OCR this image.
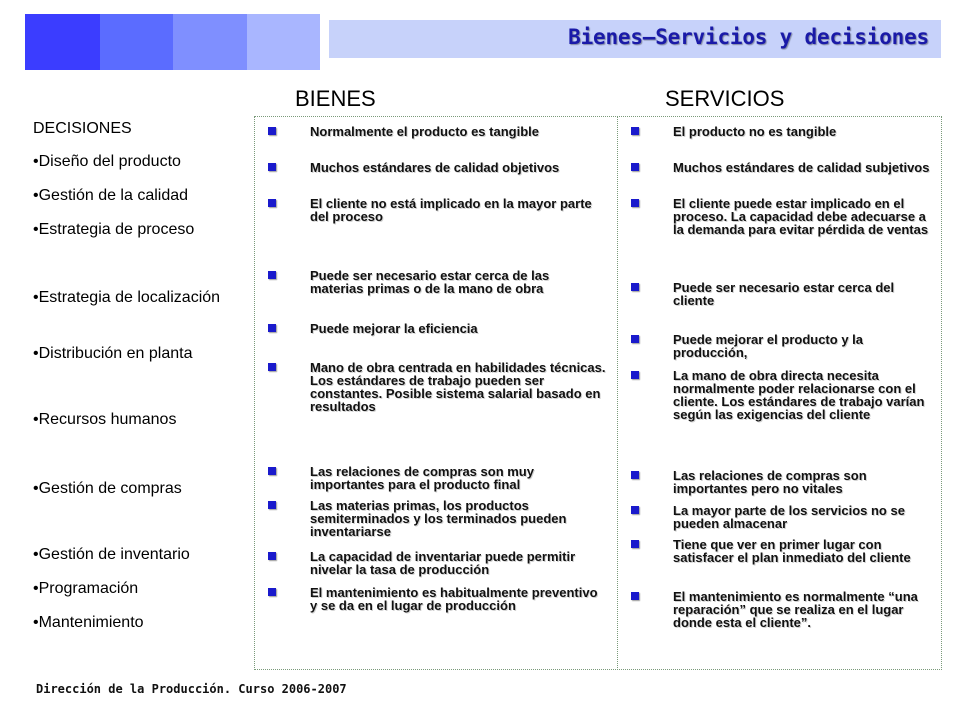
Bienes–Servicios y decisiones
BIENES	SERVICIOS
DECISIONES
•Diseño del producto
•Gestión de la calidad
•Estrategia de proceso
•Estrategia de localización
•Distribución en planta
•Recursos humanos
•Gestión de compras
•Gestión de inventario
•Programación
•Mantenimiento
Normalmente el producto es tangible
Muchos estándares de calidad objetivos
El cliente no está implicado en la mayor parte del proceso
Puede ser necesario estar cerca de las materias primas o de la mano de obra
Puede mejorar la eficiencia
Mano de obra centrada en habilidades técnicas. Los estándares de trabajo pueden ser constantes. Posible sistema salarial basado en resultados
Las relaciones de compras son muy importantes para el producto final
Las materias primas, los productos semiterminados y los terminados pueden inventariarse
La capacidad de inventariar puede permitir nivelar la tasa de producción
El mantenimiento es habitualmente preventivo y se da en el lugar de producción
El producto no es tangible
Muchos estándares de calidad subjetivos
El cliente puede estar implicado en el proceso. La capacidad debe adecuarse a la demanda para evitar pérdida de ventas
Puede ser necesario estar cerca del cliente
Puede mejorar el producto y la producción,
La mano de obra directa necesita normalmente poder relacionarse con el cliente. Los estándares de trabajo varían según las exigencias del cliente
Las relaciones de compras son importantes pero no vitales
La mayor parte de los servicios no se pueden almacenar
Tiene que ver en primer lugar con satisfacer el plan inmediato del cliente
El mantenimiento es normalmente “una reparación” que se realiza en el lugar donde esta el cliente”.
Dirección de la Producción. Curso 2006-2007
